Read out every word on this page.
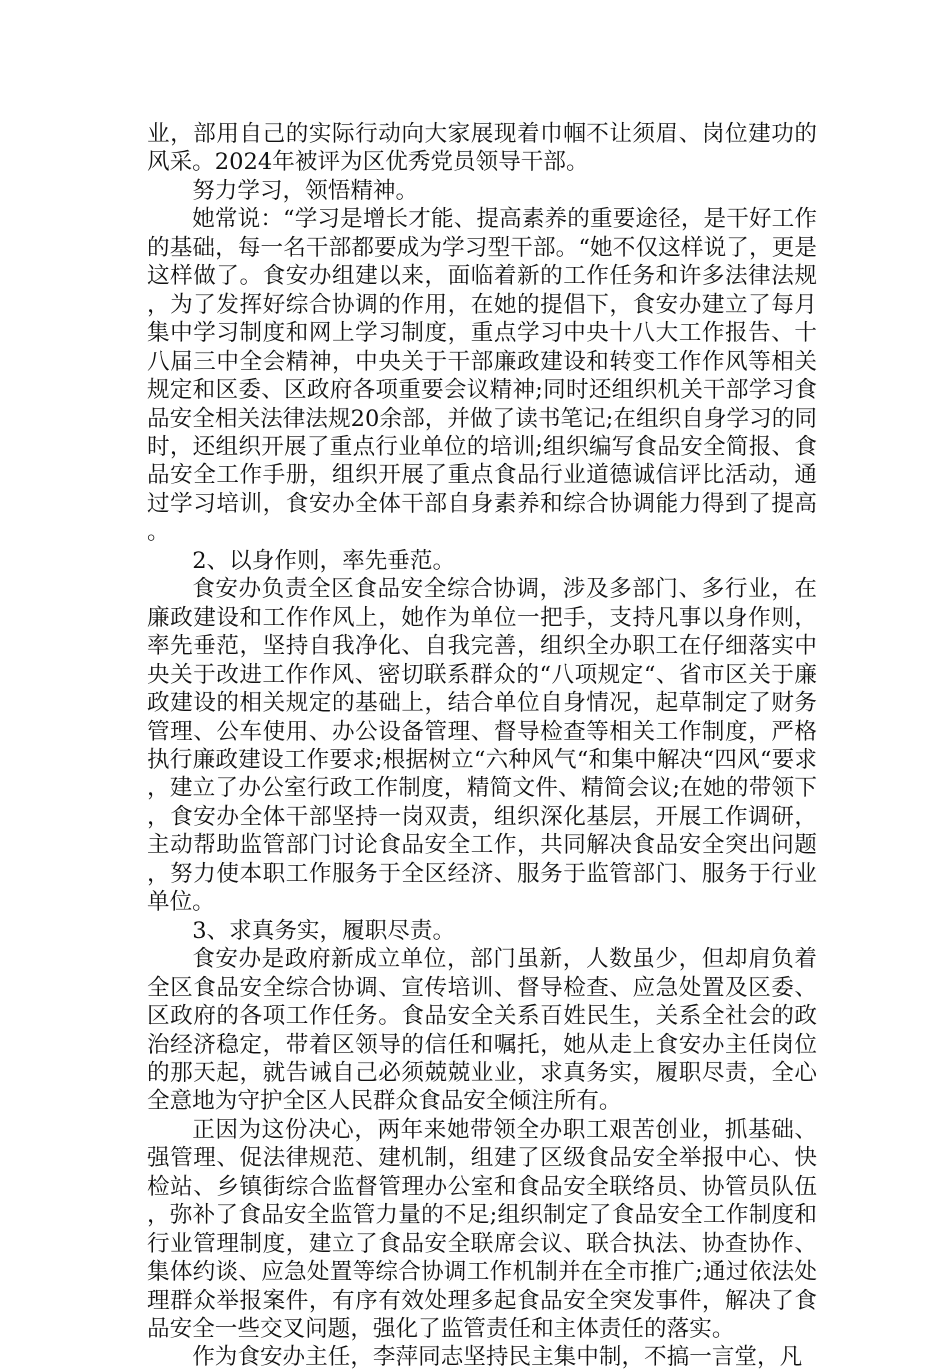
业，部用自己的实际行动向大家展现着巾帼不让须眉、岗位建功的风采。2024年被评为区优秀党员领导干部。

努力学习，领悟精神。

她常说：“学习是增长才能、提高素养的重要途径，是干好工作的基础，每一名干部都要成为学习型干部。“她不仅这样说了，更是这样做了。食安办组建以来，面临着新的工作任务和许多法律法规，为了发挥好综合协调的作用，在她的提倡下，食安办建立了每月集中学习制度和网上学习制度，重点学习中央十八大工作报告、十八届三中全会精神，中央关于干部廉政建设和转变工作作风等相关规定和区委、区政府各项重要会议精神;同时还组织机关干部学习食品安全相关法律法规20余部，并做了读书笔记;在组织自身学习的同时，还组织开展了重点行业单位的培训;组织编写食品安全简报、食品安全工作手册，组织开展了重点食品行业道德诚信评比活动，通过学习培训，食安办全体干部自身素养和综合协调能力得到了提高。

2、以身作则，率先垂范。

食安办负责全区食品安全综合协调，涉及多部门、多行业，在廉政建设和工作作风上，她作为单位一把手，支持凡事以身作则，率先垂范，坚持自我净化、自我完善，组织全办职工在仔细落实中央关于改进工作作风、密切联系群众的“八项规定“、省市区关于廉政建设的相关规定的基础上，结合单位自身情况，起草制定了财务管理、公车使用、办公设备管理、督导检查等相关工作制度，严格执行廉政建设工作要求;根据树立“六种风气“和集中解决“四风“要求，建立了办公室行政工作制度，精简文件、精简会议;在她的带领下，食安办全体干部坚持一岗双责，组织深化基层，开展工作调研，主动帮助监管部门讨论食品安全工作，共同解决食品安全突出问题，努力使本职工作服务于全区经济、服务于监管部门、服务于行业单位。

3、求真务实，履职尽责。

食安办是政府新成立单位，部门虽新，人数虽少，但却肩负着全区食品安全综合协调、宣传培训、督导检查、应急处置及区委、区政府的各项工作任务。食品安全关系百姓民生，关系全社会的政治经济稳定，带着区领导的信任和嘱托，她从走上食安办主任岗位的那天起，就告诫自己必须兢兢业业，求真务实，履职尽责，全心全意地为守护全区人民群众食品安全倾注所有。

正因为这份决心，两年来她带领全办职工艰苦创业，抓基础、强管理、促法律规范、建机制，组建了区级食品安全举报中心、快检站、乡镇街综合监督管理办公室和食品安全联络员、协管员队伍，弥补了食品安全监管力量的不足;组织制定了食品安全工作制度和行业管理制度，建立了食品安全联席会议、联合执法、协查协作、集体约谈、应急处置等综合协调工作机制并在全市推广;通过依法处理群众举报案件，有序有效处理多起食品安全突发事件，解决了食品安全一些交叉问题，强化了监管责任和主体责任的落实。

作为食安办主任，李萍同志坚持民主集中制，不搞一言堂，凡
